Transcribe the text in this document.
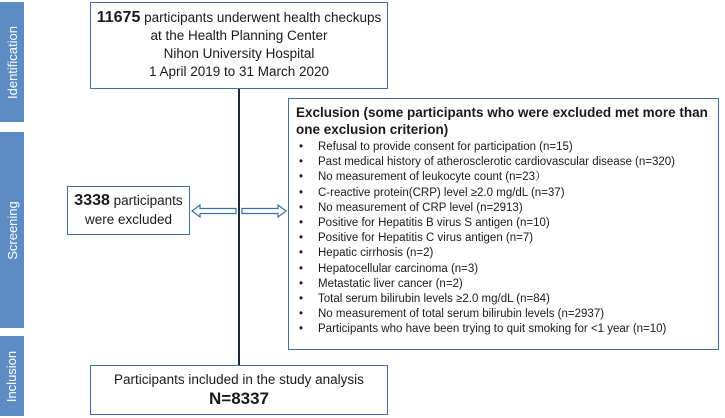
Identification
Screening
Inclusion
11675 participants underwent health checkups
at the Health Planning Center
Nihon University Hospital
1 April 2019 to 31 March 2020
3338 participants
were excluded
Exclusion (some participants who were excluded met more than one exclusion criterion)
• Refusal to provide consent for participation (n=15)
• Past medical history of atherosclerotic cardiovascular disease (n=320)
• No measurement of leukocyte count (n=23）
• C-reactive protein(CRP) level ≥2.0 mg/dL (n=37)
• No measurement of CRP level (n=2913)
• Positive for Hepatitis B virus S antigen (n=10)
• Positive for Hepatitis C virus antigen (n=7)
• Hepatic cirrhosis (n=2)
• Hepatocellular carcinoma (n=3)
• Metastatic liver cancer (n=2)
• Total serum bilirubin levels ≥2.0 mg/dL (n=84)
• No measurement of total serum bilirubin levels (n=2937)
• Participants who have been trying to quit smoking for <1 year (n=10)
Participants included in the study analysis
N=8337
